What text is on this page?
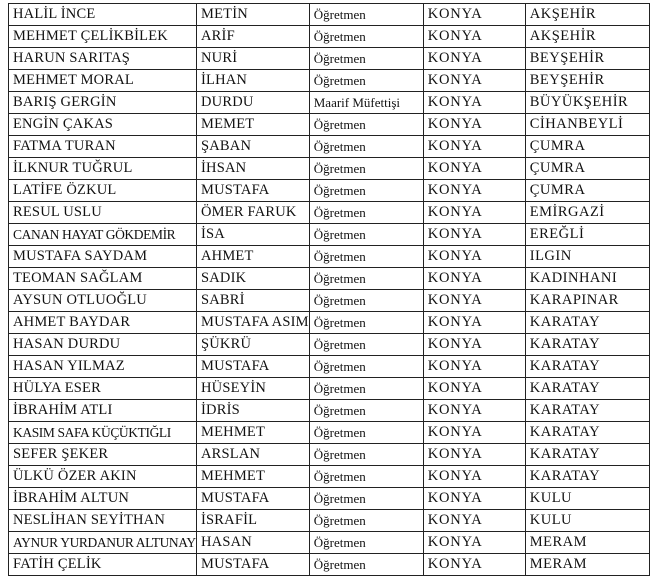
HALİL İNCE	METİN	Öğretmen	KONYA	AKŞEHİR
MEHMET ÇELİKBİLEK	ARİF	Öğretmen	KONYA	AKŞEHİR
HARUN SARITAŞ	NURİ	Öğretmen	KONYA	BEYŞEHİR
MEHMET MORAL	İLHAN	Öğretmen	KONYA	BEYŞEHİR
BARIŞ GERGİN	DURDU	Maarif Müfettişi	KONYA	BÜYÜKŞEHİR
ENGİN ÇAKAS	MEMET	Öğretmen	KONYA	CİHANBEYLİ
FATMA TURAN	ŞABAN	Öğretmen	KONYA	ÇUMRA
İLKNUR TUĞRUL	İHSAN	Öğretmen	KONYA	ÇUMRA
LATİFE ÖZKUL	MUSTAFA	Öğretmen	KONYA	ÇUMRA
RESUL USLU	ÖMER FARUK	Öğretmen	KONYA	EMİRGAZİ
CANAN HAYAT GÖKDEMİR	İSA	Öğretmen	KONYA	EREĞLİ
MUSTAFA SAYDAM	AHMET	Öğretmen	KONYA	ILGIN
TEOMAN SAĞLAM	SADIK	Öğretmen	KONYA	KADINHANI
AYSUN OTLUOĞLU	SABRİ	Öğretmen	KONYA	KARAPINAR
AHMET BAYDAR	MUSTAFA ASIM	Öğretmen	KONYA	KARATAY
HASAN DURDU	ŞÜKRÜ	Öğretmen	KONYA	KARATAY
HASAN YILMAZ	MUSTAFA	Öğretmen	KONYA	KARATAY
HÜLYA ESER	HÜSEYİN	Öğretmen	KONYA	KARATAY
İBRAHİM ATLI	İDRİS	Öğretmen	KONYA	KARATAY
KASIM SAFA KÜÇÜKTIĞLI	MEHMET	Öğretmen	KONYA	KARATAY
SEFER ŞEKER	ARSLAN	Öğretmen	KONYA	KARATAY
ÜLKÜ ÖZER AKIN	MEHMET	Öğretmen	KONYA	KARATAY
İBRAHİM ALTUN	MUSTAFA	Öğretmen	KONYA	KULU
NESLİHAN SEYİTHAN	İSRAFİL	Öğretmen	KONYA	KULU
AYNUR YURDANUR ALTUNAY	HASAN	Öğretmen	KONYA	MERAM
FATİH ÇELİK	MUSTAFA	Öğretmen	KONYA	MERAM
